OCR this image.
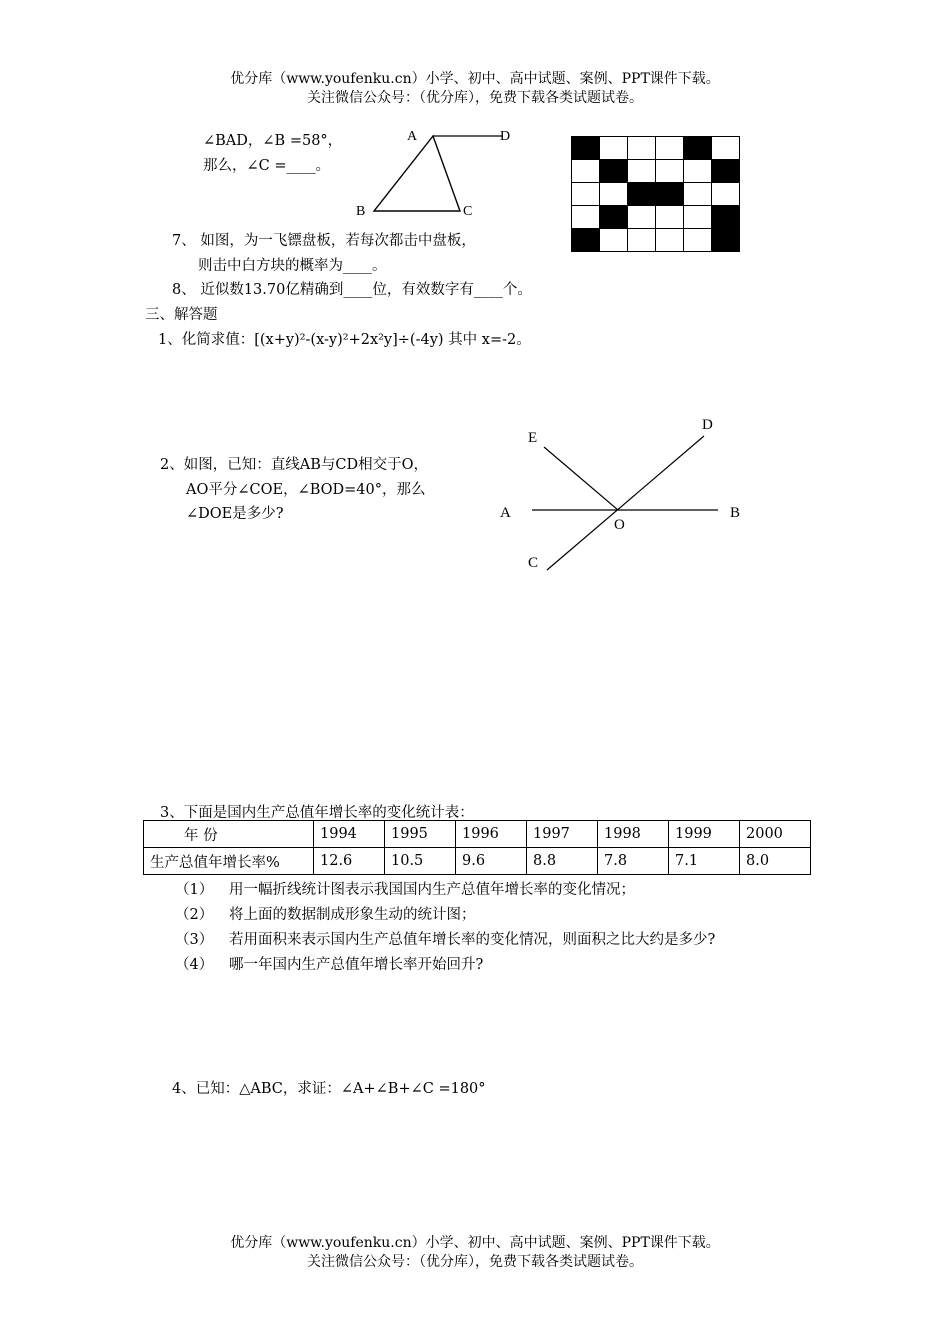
优分库（www.youfenku.cn）小学、初中、高中试题、案例、PPT课件下载。
关注微信公众号：（优分库），免费下载各类试题试卷。
∠BAD，∠B =58°，
那么，∠C =____。
A	D
B	C

7、 如图，为一飞镖盘板，若每次都击中盘板，
则击中白方块的概率为____。
8、 近似数13.70亿精确到____位，有效数字有____个。
三、解答题
1、化简求值：[(x+y)²-(x-y)²+2x²y]÷(-4y) 其中 x=-2。
2、如图，已知：直线AB与CD相交于O，
AO平分∠COE，∠BOD=40°，那么
∠DOE是多少?
E
D
A
O
B
C
3、下面是国内生产总值年增长率的变化统计表：
年 份	1994	1995	1996	1997	1998	1999	2000
生产总值年增长率%	12.6	10.5	9.6	8.8	7.8	7.1	8.0
（1） 用一幅折线统计图表示我国国内生产总值年增长率的变化情况；
（2） 将上面的数据制成形象生动的统计图；
（3） 若用面积来表示国内生产总值年增长率的变化情况，则面积之比大约是多少?
（4） 哪一年国内生产总值年增长率开始回升?
4、已知：△ABC，求证：∠A+∠B+∠C =180°
优分库（www.youfenku.cn）小学、初中、高中试题、案例、PPT课件下载。
关注微信公众号：（优分库），免费下载各类试题试卷。
